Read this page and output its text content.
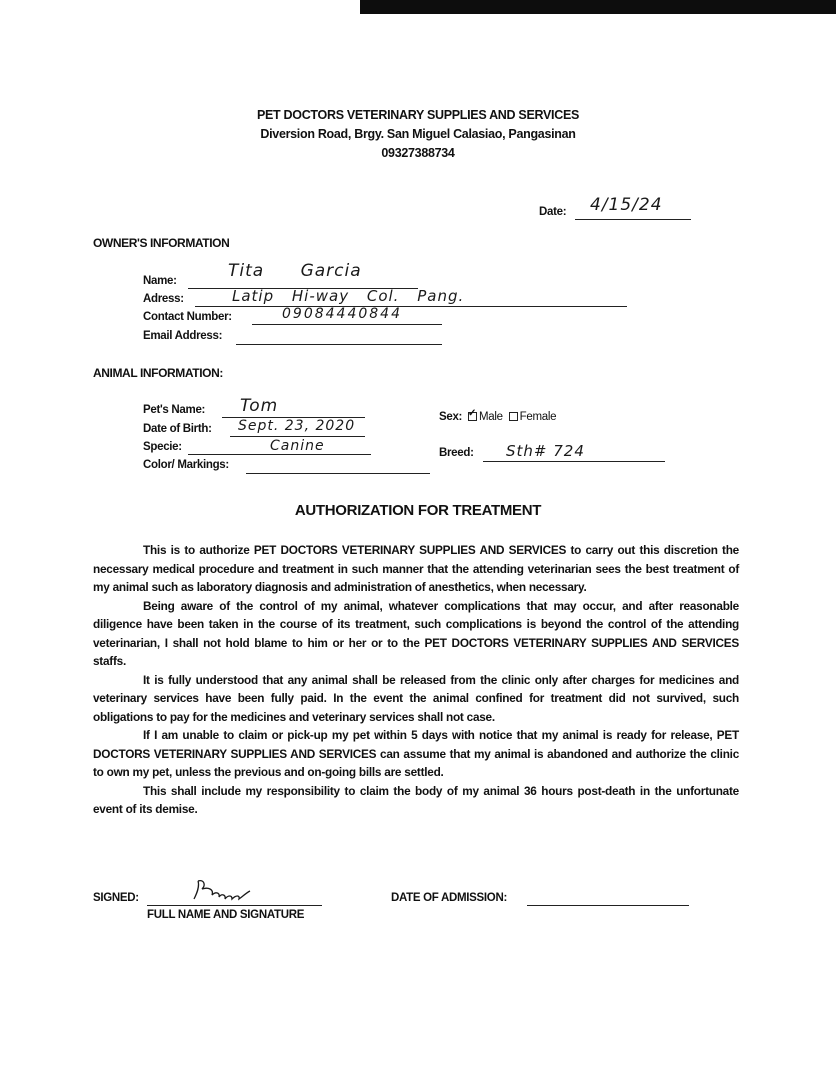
PET DOCTORS VETERINARY SUPPLIES AND SERVICES
Diversion Road, Brgy. San Miguel Calasiao, Pangasinan
09327388734
Date: 4/15/24
OWNER'S INFORMATION
Name:	Tita Garcia
Adress:	Latip Hi-way Col. Pang.
Contact Number:	09084440844
Email Address:
ANIMAL INFORMATION:
Pet's Name: Tom
Date of Birth: Sept. 23, 2020
Specie:	Canine
Color/ Markings:
Sex: ✓ Male Female
Breed: Sth# 724
AUTHORIZATION FOR TREATMENT

This is to authorize PET DOCTORS VETERINARY SUPPLIES AND SERVICES to carry out this discretion the necessary medical procedure and treatment in such manner that the attending veterinarian sees the best treatment of my animal such as laboratory diagnosis and administration of anesthetics, when necessary.

Being aware of the control of my animal, whatever complications that may occur, and after reasonable diligence have been taken in the course of its treatment, such complications is beyond the control of the attending veterinarian, I shall not hold blame to him or her or to the PET DOCTORS VETERINARY SUPPLIES AND SERVICES staffs.

It is fully understood that any animal shall be released from the clinic only after charges for medicines and veterinary services have been fully paid. In the event the animal confined for treatment did not survived, such obligations to pay for the medicines and veterinary services shall not case.

If I am unable to claim or pick-up my pet within 5 days with notice that my animal is ready for release, PET DOCTORS VETERINARY SUPPLIES AND SERVICES can assume that my animal is abandoned and authorize the clinic to own my pet, unless the previous and on-going bills are settled.

This shall include my responsibility to claim the body of my animal 36 hours post-death in the unfortunate event of its demise.

SIGNED:
FULL NAME AND SIGNATURE
DATE OF ADMISSION:
